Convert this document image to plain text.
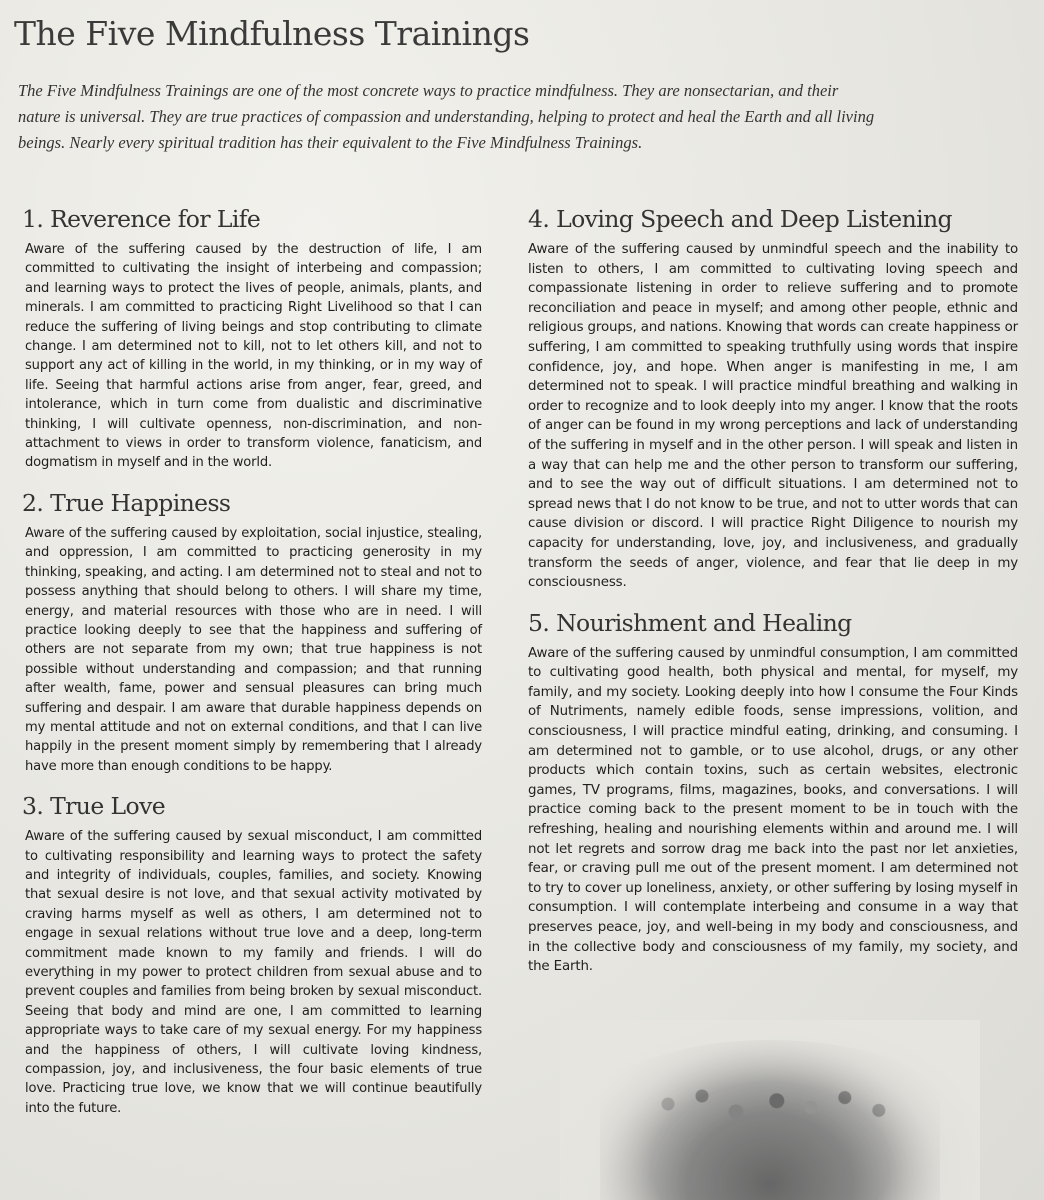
The Five Mindfulness Trainings

The Five Mindfulness Trainings are one of the most concrete ways to practice mindfulness. They are nonsectarian, and their nature is universal. They are true practices of compassion and understanding, helping to protect and heal the Earth and all living beings. Nearly every spiritual tradition has their equivalent to the Five Mindfulness Trainings.

1. Reverence for Life

Aware of the suffering caused by the destruction of life, I am committed to cultivating the insight of interbeing and compassion; and learning ways to protect the lives of people, animals, plants, and minerals. I am committed to practicing Right Livelihood so that I can reduce the suffering of living beings and stop contributing to climate change. I am determined not to kill, not to let others kill, and not to support any act of killing in the world, in my thinking, or in my way of life. Seeing that harmful actions arise from anger, fear, greed, and intolerance, which in turn come from dualistic and discriminative thinking, I will cultivate openness, non-discrimination, and non-attachment to views in order to transform violence, fanaticism, and dogmatism in myself and in the world.

2. True Happiness

Aware of the suffering caused by exploitation, social injustice, stealing, and oppression, I am committed to practicing generosity in my thinking, speaking, and acting. I am determined not to steal and not to possess anything that should belong to others. I will share my time, energy, and material resources with those who are in need. I will practice looking deeply to see that the happiness and suffering of others are not separate from my own; that true happiness is not possible without understanding and compassion; and that running after wealth, fame, power and sensual pleasures can bring much suffering and despair. I am aware that durable happiness depends on my mental attitude and not on external conditions, and that I can live happily in the present moment simply by remembering that I already have more than enough conditions to be happy.

3. True Love

Aware of the suffering caused by sexual misconduct, I am committed to cultivating responsibility and learning ways to protect the safety and integrity of individuals, couples, families, and society. Knowing that sexual desire is not love, and that sexual activity motivated by craving harms myself as well as others, I am determined not to engage in sexual relations without true love and a deep, long-term commitment made known to my family and friends. I will do everything in my power to protect children from sexual abuse and to prevent couples and families from being broken by sexual misconduct. Seeing that body and mind are one, I am committed to learning appropriate ways to take care of my sexual energy. For my happiness and the happiness of others, I will cultivate loving kindness, compassion, joy, and inclusiveness, the four basic elements of true love. Practicing true love, we know that we will continue beautifully into the future.

4. Loving Speech and Deep Listening

Aware of the suffering caused by unmindful speech and the inability to listen to others, I am committed to cultivating loving speech and compassionate listening in order to relieve suffering and to promote reconciliation and peace in myself; and among other people, ethnic and religious groups, and nations. Knowing that words can create happiness or suffering, I am committed to speaking truthfully using words that inspire confidence, joy, and hope. When anger is manifesting in me, I am determined not to speak. I will practice mindful breathing and walking in order to recognize and to look deeply into my anger. I know that the roots of anger can be found in my wrong perceptions and lack of understanding of the suffering in myself and in the other person. I will speak and listen in a way that can help me and the other person to transform our suffering, and to see the way out of difficult situations. I am determined not to spread news that I do not know to be true, and not to utter words that can cause division or discord. I will practice Right Diligence to nourish my capacity for understanding, love, joy, and inclusiveness, and gradually transform the seeds of anger, violence, and fear that lie deep in my consciousness.

5. Nourishment and Healing

Aware of the suffering caused by unmindful consumption, I am committed to cultivating good health, both physical and mental, for myself, my family, and my society. Looking deeply into how I consume the Four Kinds of Nutriments, namely edible foods, sense impressions, volition, and consciousness, I will practice mindful eating, drinking, and consuming. I am determined not to gamble, or to use alcohol, drugs, or any other products which contain toxins, such as certain websites, electronic games, TV programs, films, magazines, books, and conversations. I will practice coming back to the present moment to be in touch with the refreshing, healing and nourishing elements within and around me. I will not let regrets and sorrow drag me back into the past nor let anxieties, fear, or craving pull me out of the present moment. I am determined not to try to cover up loneliness, anxiety, or other suffering by losing myself in consumption. I will contemplate interbeing and consume in a way that preserves peace, joy, and well-being in my body and consciousness, and in the collective body and consciousness of my family, my society, and the Earth.
